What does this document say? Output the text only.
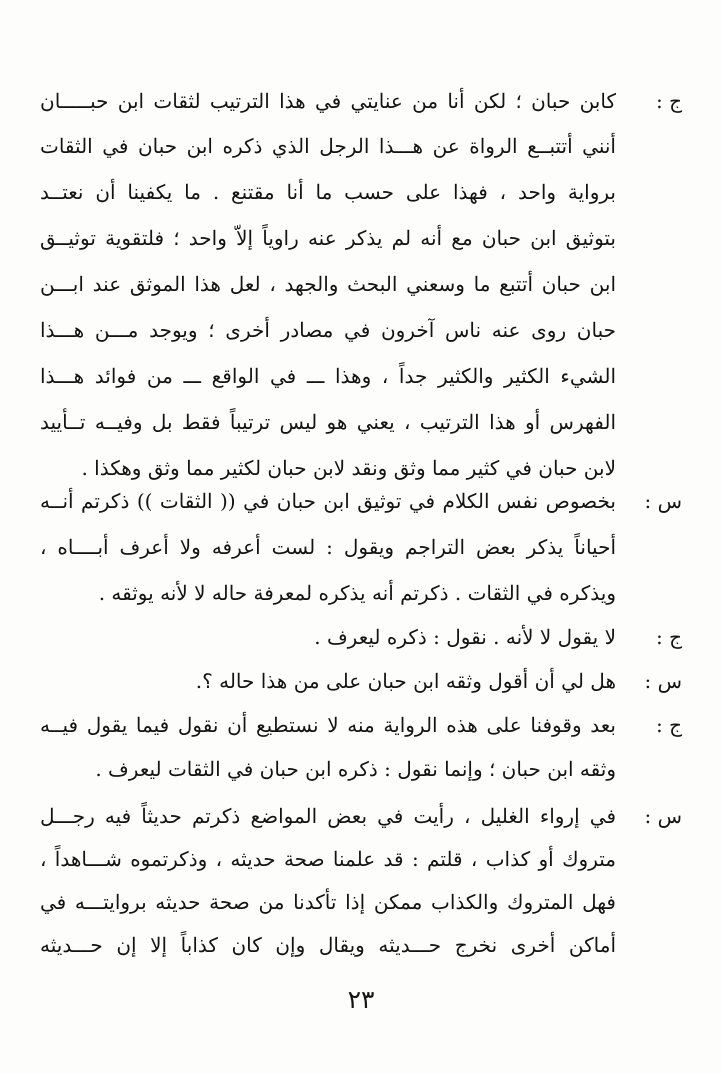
ج :
كابن حبان ؛ لكن أنا من عنايتي في هذا الترتيب لثقات ابن حبـــــان
أنني أتتبــع الرواة عن هـــذا الرجل الذي ذكره ابن حبان في الثقات
برواية واحد ، فهذا على حسب ما أنا مقتنع . ما يكفينا أن نعتــد
بتوثيق ابن حبان مع أنه لم يذكر عنه راوياً إلاّ واحد ؛ فلتقوية توثيــق
ابن حبان أتتبع ما وسعني البحث والجهد ، لعل هذا الموثق عند ابـــن
حبان روى عنه ناس آخرون في مصادر أخرى ؛ ويوجد مـــن هـــذا
الشيء الكثير والكثير جداً ، وهذا ـــ في الواقع ـــ من فوائد هـــذا
الفهرس أو هذا الترتيب ، يعني هو ليس ترتيباً فقط بل وفيــه تــأييد
لابن حبان في كثير مما وثق ونقد لابن حبان لكثير مما وثق وهكذا .
س :
بخصوص نفس الكلام في توثيق ابن حبان في (( الثقات )) ذكرتم أنــه
أحياناً يذكر بعض التراجم ويقول : لست أعرفه ولا أعرف أبــــاه ،
ويذكره في الثقات . ذكرتم أنه يذكره لمعرفة حاله لا لأنه يوثقه .
ج :
لا يقول لا لأنه . نقول : ذكره ليعرف .
س :
هل لي أن أقول وثقه ابن حبان على من هذا حاله ؟.
ج :
بعد وقوفنا على هذه الرواية منه لا نستطيع أن نقول فيما يقول فيــه
وثقه ابن حبان ؛ وإنما نقول : ذكره ابن حبان في الثقات ليعرف .
س :
في إرواء الغليل ، رأيت في بعض المواضع ذكرتم حديثاً فيه رجـــل
متروك أو كذاب ، قلتم : قد علمنا صحة حديثه ، وذكرتموه شـــاهداً ،
فهل المتروك والكذاب ممكن إذا تأكدنا من صحة حديثه بروايتـــه في
أماكن أخرى نخرج حـــديثه ويقال وإن كان كذاباً إلا إن حـــديثه
٢٣
